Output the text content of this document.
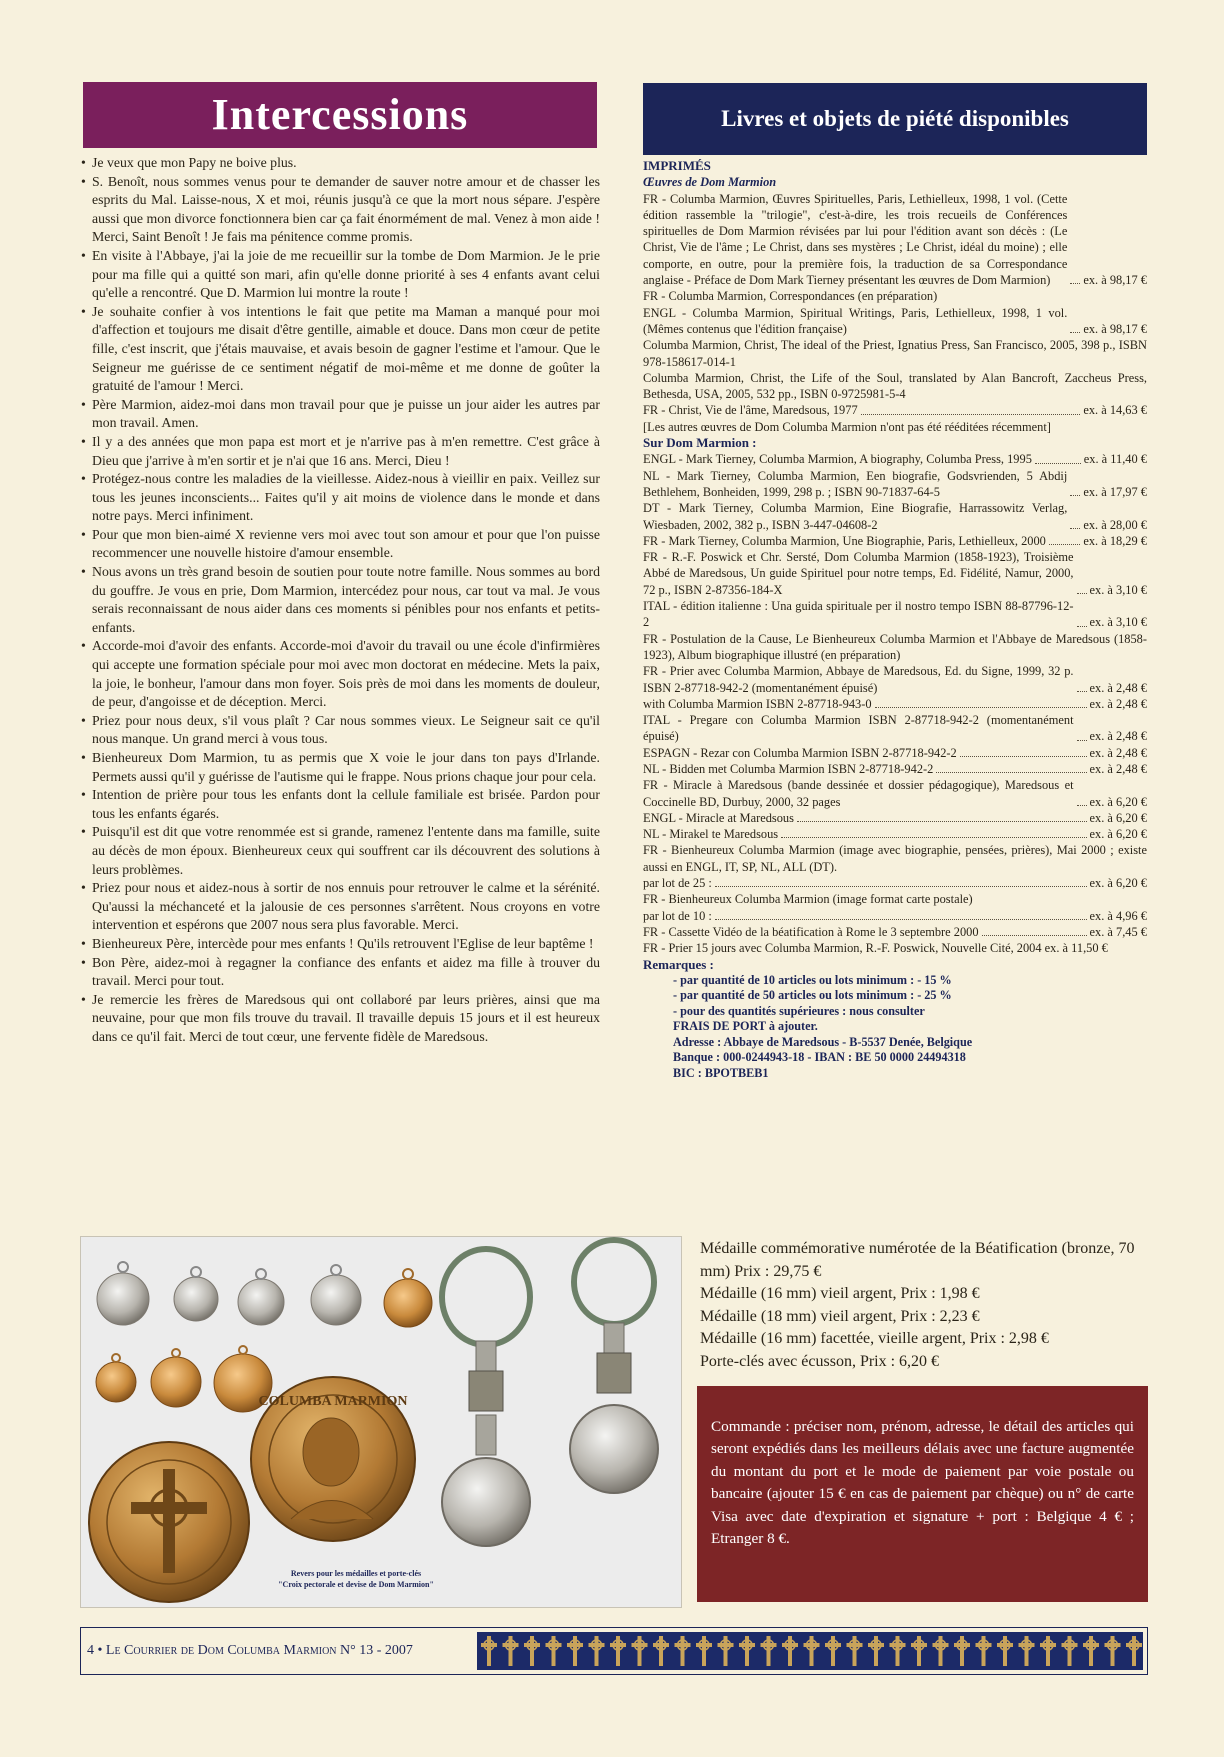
Intercessions
• Je veux que mon Papy ne boive plus.
• S. Benoît, nous sommes venus pour te demander de sauver notre amour et de chasser les esprits du Mal. Laisse-nous, X et moi, réunis jusqu'à ce que la mort nous sépare. J'espère aussi que mon divorce fonctionnera bien car ça fait énormément de mal. Venez à mon aide ! Merci, Saint Benoît ! Je fais ma pénitence comme promis.
• En visite à l'Abbaye, j'ai la joie de me recueillir sur la tombe de Dom Marmion. Je le prie pour ma fille qui a quitté son mari, afin qu'elle donne priorité à ses 4 enfants avant celui qu'elle a rencontré. Que D. Marmion lui montre la route !
• Je souhaite confier à vos intentions le fait que petite ma Maman a manqué pour moi d'affection et toujours me disait d'être gentille, aimable et douce. Dans mon cœur de petite fille, c'est inscrit, que j'étais mauvaise, et avais besoin de gagner l'estime et l'amour. Que le Seigneur me guérisse de ce sentiment négatif de moi-même et me donne de goûter la gratuité de l'amour ! Merci.
• Père Marmion, aidez-moi dans mon travail pour que je puisse un jour aider les autres par mon travail. Amen.
• Il y a des années que mon papa est mort et je n'arrive pas à m'en remettre. C'est grâce à Dieu que j'arrive à m'en sortir et je n'ai que 16 ans. Merci, Dieu !
• Protégez-nous contre les maladies de la vieillesse. Aidez-nous à vieillir en paix. Veillez sur tous les jeunes inconscients... Faites qu'il y ait moins de violence dans le monde et dans notre pays. Merci infiniment.
• Pour que mon bien-aimé X revienne vers moi avec tout son amour et pour que l'on puisse recommencer une nouvelle histoire d'amour ensemble.
• Nous avons un très grand besoin de soutien pour toute notre famille. Nous sommes au bord du gouffre. Je vous en prie, Dom Marmion, intercédez pour nous, car tout va mal. Je vous serais reconnaissant de nous aider dans ces moments si pénibles pour nos enfants et petits-enfants.
• Accorde-moi d'avoir des enfants. Accorde-moi d'avoir du travail ou une école d'infirmières qui accepte une formation spéciale pour moi avec mon doctorat en médecine. Mets la paix, la joie, le bonheur, l'amour dans mon foyer. Sois près de moi dans les moments de douleur, de peur, d'angoisse et de déception. Merci.
• Priez pour nous deux, s'il vous plaît ? Car nous sommes vieux. Le Seigneur sait ce qu'il nous manque. Un grand merci à vous tous.
• Bienheureux Dom Marmion, tu as permis que X voie le jour dans ton pays d'Irlande. Permets aussi qu'il y guérisse de l'autisme qui le frappe. Nous prions chaque jour pour cela.
• Intention de prière pour tous les enfants dont la cellule familiale est brisée. Pardon pour tous les enfants égarés.
• Puisqu'il est dit que votre renommée est si grande, ramenez l'entente dans ma famille, suite au décès de mon époux. Bienheureux ceux qui souffrent car ils découvrent des solutions à leurs problèmes.
• Priez pour nous et aidez-nous à sortir de nos ennuis pour retrouver le calme et la sérénité. Qu'aussi la méchanceté et la jalousie de ces personnes s'arrêtent. Nous croyons en votre intervention et espérons que 2007 nous sera plus favorable. Merci.
• Bienheureux Père, intercède pour mes enfants ! Qu'ils retrouvent l'Eglise de leur baptême !
• Bon Père, aidez-moi à regagner la confiance des enfants et aidez ma fille à trouver du travail. Merci pour tout.
• Je remercie les frères de Maredsous qui ont collaboré par leurs prières, ainsi que ma neuvaine, pour que mon fils trouve du travail. Il travaille depuis 15 jours et il est heureux dans ce qu'il fait. Merci de tout cœur, une fervente fidèle de Maredsous.
Livres et objets de piété disponibles

IMPRIMÉS

Œuvres de Dom Marmion

FR - Columba Marmion, Œuvres Spirituelles, Paris, Lethielleux, 1998, 1 vol. (Cette édition rassemble la "trilogie", c'est-à-dire, les trois recueils de Conférences spirituelles de Dom Marmion révisées par lui pour l'édition avant son décès : (Le Christ, Vie de l'âme ; Le Christ, dans ses mystères ; Le Christ, idéal du moine) ; elle comporte, en outre, pour la première fois, la traduction de sa Correspondance anglaise - Préface de Dom Mark Tierney présentant les œuvres de Dom Marmion)	ex. à 98,17 €

FR - Columba Marmion, Correspondances (en préparation)

ENGL - Columba Marmion, Spiritual Writings, Paris, Lethielleux, 1998, 1 vol. (Mêmes contenus que l'édition française)	ex. à 98,17 €

Columba Marmion, Christ, The ideal of the Priest, Ignatius Press, San Francisco, 2005, 398 p., ISBN 978-158617-014-1

Columba Marmion, Christ, the Life of the Soul, translated by Alan Bancroft, Zaccheus Press, Bethesda, USA, 2005, 532 pp., ISBN 0-9725981-5-4

FR - Christ, Vie de l'âme, Maredsous, 1977	ex. à 14,63 €

[Les autres œuvres de Dom Columba Marmion n'ont pas été rééditées récemment]

Sur Dom Marmion :

ENGL - Mark Tierney, Columba Marmion, A biography, Columba Press, 1995	ex. à 11,40 €

NL - Mark Tierney, Columba Marmion, Een biografie, Godsvrienden, 5 Abdij Bethlehem, Bonheiden, 1999, 298 p. ; ISBN 90-71837-64-5	ex. à 17,97 €

DT - Mark Tierney, Columba Marmion, Eine Biografie, Harrassowitz Verlag, Wiesbaden, 2002, 382 p., ISBN 3-447-04608-2	ex. à 28,00 €

FR - Mark Tierney, Columba Marmion, Une Biographie, Paris, Lethielleux, 2000	ex. à 18,29 €

FR - R.-F. Poswick et Chr. Sersté, Dom Columba Marmion (1858-1923), Troisième Abbé de Maredsous, Un guide Spirituel pour notre temps, Ed. Fidélité, Namur, 2000, 72 p., ISBN 2-87356-184-X	ex. à 3,10 €

ITAL - édition italienne : Una guida spirituale per il nostro tempo ISBN 88-87796-12-2	ex. à 3,10 €

FR - Postulation de la Cause, Le Bienheureux Columba Marmion et l'Abbaye de Maredsous (1858-1923), Album biographique illustré (en préparation)

FR - Prier avec Columba Marmion, Abbaye de Maredsous, Ed. du Signe, 1999, 32 p. ISBN 2-87718-942-2 (momentanément épuisé)	ex. à 2,48 €

with Columba Marmion ISBN 2-87718-943-0	ex. à 2,48 €

ITAL - Pregare con Columba Marmion ISBN 2-87718-942-2 (momentanément épuisé)	ex. à 2,48 €

ESPAGN - Rezar con Columba Marmion ISBN 2-87718-942-2	ex. à 2,48 €

NL - Bidden met Columba Marmion ISBN 2-87718-942-2	ex. à 2,48 €

FR - Miracle à Maredsous (bande dessinée et dossier pédagogique), Maredsous et Coccinelle BD, Durbuy, 2000, 32 pages	ex. à 6,20 €

ENGL - Miracle at Maredsous	ex. à 6,20 €

NL - Mirakel te Maredsous	ex. à 6,20 €

FR - Bienheureux Columba Marmion (image avec biographie, pensées, prières), Mai 2000 ; existe aussi en ENGL, IT, SP, NL, ALL (DT).

par lot de 25 :	ex. à 6,20 €

FR - Bienheureux Columba Marmion (image format carte postale)

par lot de 10 :	ex. à 4,96 €

FR - Cassette Vidéo de la béatification à Rome le 3 septembre 2000	ex. à 7,45 €

FR - Prier 15 jours avec Columba Marmion, R.-F. Poswick, Nouvelle Cité, 2004 ex. à 11,50 €

Remarques :

- par quantité de 10 articles ou lots minimum : - 15 %

- par quantité de 50 articles ou lots minimum : - 25 %

- pour des quantités supérieures : nous consulter

FRAIS DE PORT à ajouter.

Adresse : Abbaye de Maredsous - B-5537 Denée, Belgique

Banque : 000-0244943-18 - IBAN : BE 50 0000 24494318

BIC : BPOTBEB1

COLUMBA MARMION
Revers pour les médailles et porte-clés
"Croix pectorale et devise de Dom Marmion"

Médaille commémorative numérotée de la Béatification (bronze, 70 mm) Prix : 29,75 €

Médaille (16 mm) vieil argent, Prix : 1,98 €

Médaille (18 mm) vieil argent, Prix : 2,23 €

Médaille (16 mm) facettée, vieille argent, Prix : 2,98 €

Porte-clés avec écusson, Prix : 6,20 €

Commande : préciser nom, prénom, adresse, le détail des articles qui seront expédiés dans les meilleurs délais avec une facture augmentée du montant du port et le mode de paiement par voie postale ou bancaire (ajouter 15 € en cas de paiement par chèque) ou n° de carte Visa avec date d'expiration et signature + port : Belgique 4 € ; Etranger 8 €.
4 • Le Courrier de Dom Columba Marmion N° 13 - 2007
